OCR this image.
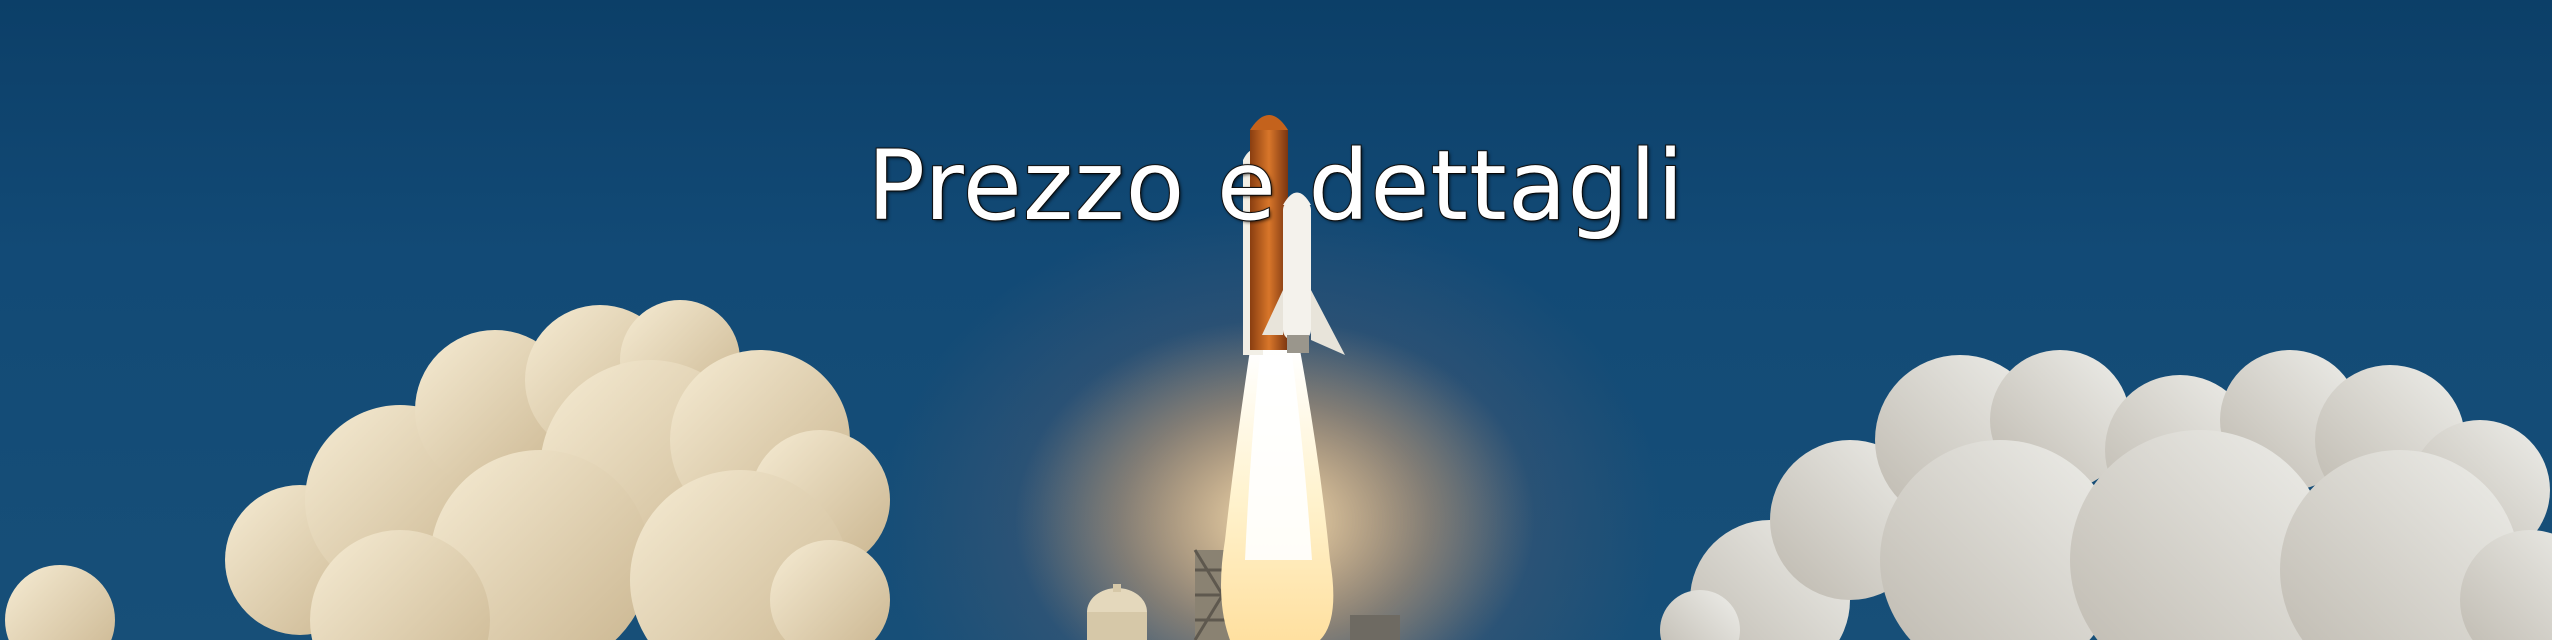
Prezzo e dettagli
